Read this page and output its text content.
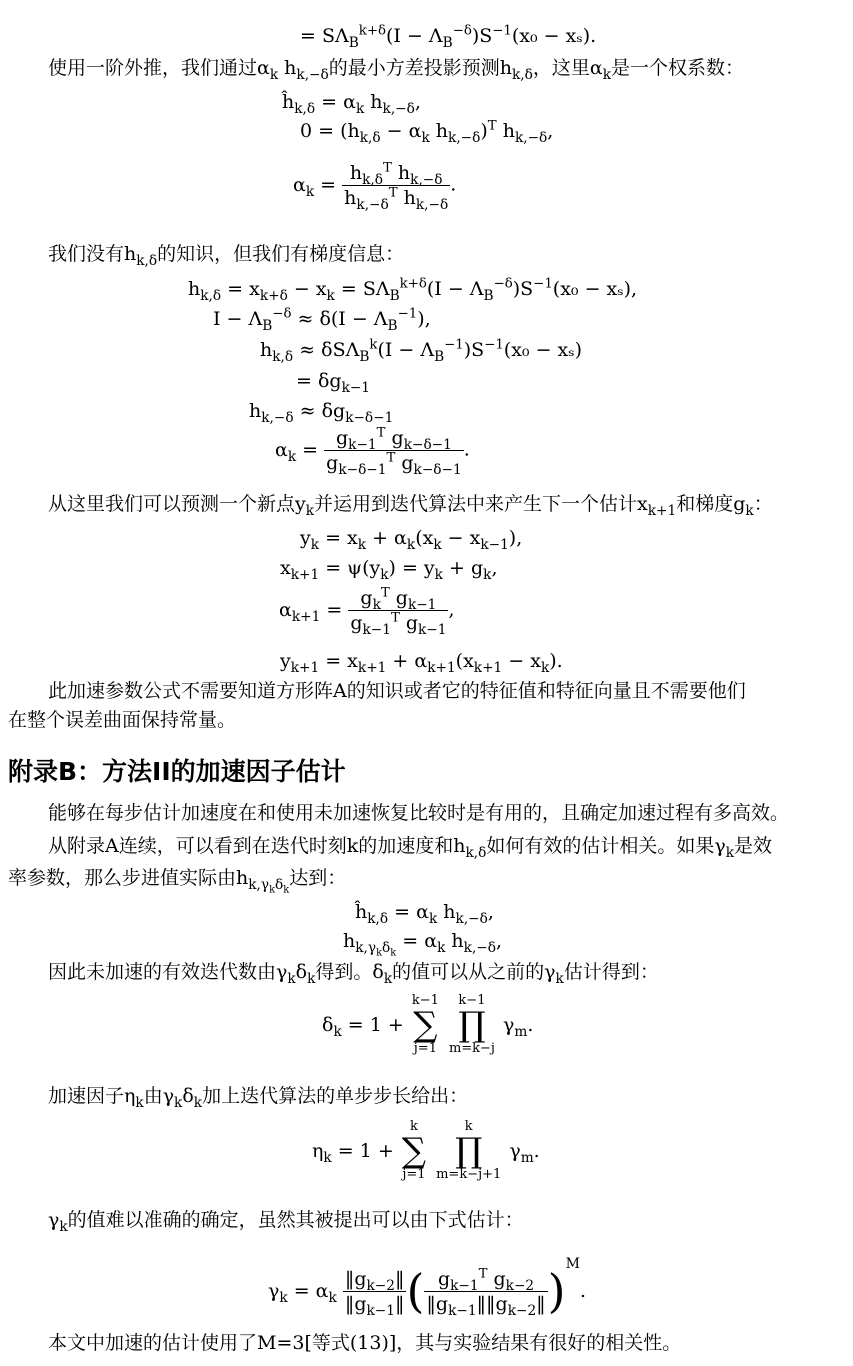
= $S\Lambda_B^{k+\delta}(I - \Lambda_B^{-\delta})S^{-1}(x_0 - x_s)$.
使用一阶外推，我们通过$\alpha_k$ $h_{k,-\delta}$的最小方差投影预测$h_{k,\delta}$，这里$\alpha_k$是一个权系数：
$ĥ_{k,\delta} = \alpha_k$ $h_{k,-\delta}$,
$0 = (h_{k,\delta} - \alpha_k$ $h_{k,-\delta})^T$ $h_{k,-\delta}$,
$\alpha_k = \frac{h_{k,\delta}^T h_{k,-\delta}}{h_{k,-\delta}^T h_{k,-\delta}}$ .
我们没有$h_{k,\delta}$的知识，但我们有梯度信息：
$h_{k,\delta} = x_{k+\delta} - x_k = S\Lambda_B^{k+\delta}(I - \Lambda_B^{-\delta})S^{-1}(x_0 - x_s)$,
$I - \Lambda_B^{-\delta} \approx \delta(I - \Lambda_B^{-1})$,
$h_{k,\delta} \approx \delta S\Lambda_B^k(I - \Lambda_B^{-1})S^{-1}(x_0 - x_s)$
= $\delta g_{k-1}$
$h_{k,-\delta} \approx \delta g_{k-\delta-1}$
$\alpha_k = \frac{g_{k-1}^T g_{k-\delta-1}}{g_{k-\delta-1}^T g_{k-\delta-1}}$ .
从这里我们可以预测一个新点$y_k$并运用到迭代算法中来产生下一个估计$x_{k+1}$和梯度$g_k$：
$y_k = x_k + \alpha_k(x_k - x_{k-1})$,
$x_{k+1} = \psi(y_k) = y_k + g_k$,
$\alpha_{k+1} = \frac{g_k^T g_{k-1}}{g_{k-1}^T g_{k-1}}$ ,
$y_{k+1} = x_{k+1} + \alpha_{k+1}(x_{k+1} - x_k)$.
此加速参数公式不需要知道方形阵A的知识或者它的特征值和特征向量且不需要他们
在整个误差曲面保持常量。
附录B：方法II的加速因子估计
能够在每步估计加速度在和使用未加速恢复比较时是有用的，且确定加速过程有多高效。
从附录A连续，可以看到在迭代时刻k的加速度和$h_{k,\delta}$如何有效的估计相关。如果$\gamma_k$是效
率参数，那么步进值实际由$h_{k,\gamma_k\delta_k}$达到：
$ĥ_{k,\delta} = \alpha_k$ $h_{k,-\delta}$,
$h_{k,\gamma_k\delta_k} = \alpha_k$ $h_{k,-\delta}$,
因此未加速的有效迭代数由$\gamma_k\delta_k$得到。$\delta_k$的值可以从之前的$\gamma_k$估计得到：
$\delta_k = 1$ +
k−1
∑
j=1

k−1
∏
m=k−j
$\gamma_m$.
加速因子$\eta_k$由$\gamma_k\delta_k$加上迭代算法的单步步长给出：
$\eta_k = 1$ +
k
∑
j=1

k
∏
m=k−j+1
$\gamma_m$.
$\gamma_k$的值难以准确的确定，虽然其被提出可以由下式估计：
$\gamma_k = \alpha_k \frac{‖g_{k-2}‖}{‖g_{k-1}‖}$ ( $\frac{g_{k-1}^T g_{k-2}}{‖g_{k-1}‖‖g_{k-2}‖} )^M$.
本文中加速的估计使用了M=3[等式(13)]，其与实验结果有很好的相关性。
